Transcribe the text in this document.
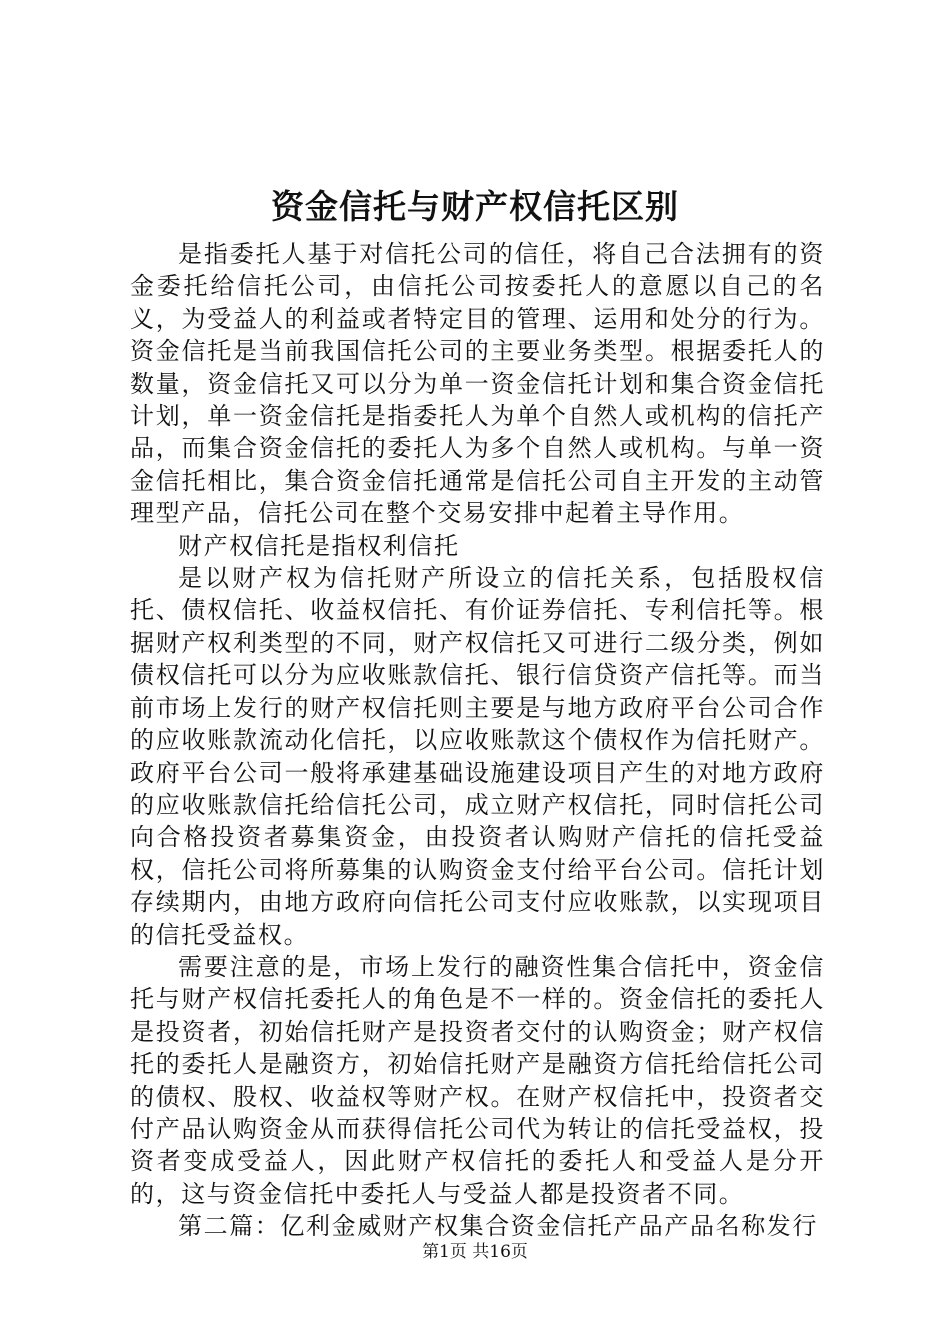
资金信托与财产权信托区别

是指委托人基于对信托公司的信任，将自己合法拥有的资金委托给信托公司，由信托公司按委托人的意愿以自己的名义，为受益人的利益或者特定目的管理、运用和处分的行为。资金信托是当前我国信托公司的主要业务类型。根据委托人的数量，资金信托又可以分为单一资金信托计划和集合资金信托计划，单一资金信托是指委托人为单个自然人或机构的信托产品，而集合资金信托的委托人为多个自然人或机构。与单一资金信托相比，集合资金信托通常是信托公司自主开发的主动管理型产品，信托公司在整个交易安排中起着主导作用。

财产权信托是指权利信托

是以财产权为信托财产所设立的信托关系，包括股权信托、债权信托、收益权信托、有价证券信托、专利信托等。根据财产权利类型的不同，财产权信托又可进行二级分类，例如债权信托可以分为应收账款信托、银行信贷资产信托等。而当前市场上发行的财产权信托则主要是与地方政府平台公司合作的应收账款流动化信托，以应收账款这个债权作为信托财产。政府平台公司一般将承建基础设施建设项目产生的对地方政府的应收账款信托给信托公司，成立财产权信托，同时信托公司向合格投资者募集资金，由投资者认购财产信托的信托受益权，信托公司将所募集的认购资金支付给平台公司。信托计划存续期内，由地方政府向信托公司支付应收账款，以实现项目的信托受益权。

需要注意的是，市场上发行的融资性集合信托中，资金信托与财产权信托委托人的角色是不一样的。资金信托的委托人是投资者，初始信托财产是投资者交付的认购资金；财产权信托的委托人是融资方，初始信托财产是融资方信托给信托公司的债权、股权、收益权等财产权。在财产权信托中，投资者交付产品认购资金从而获得信托公司代为转让的信托受益权，投资者变成受益人，因此财产权信托的委托人和受益人是分开的，这与资金信托中委托人与受益人都是投资者不同。

第二篇：亿利金威财产权集合资金信托产品产品名称发行

第1页 共16页
